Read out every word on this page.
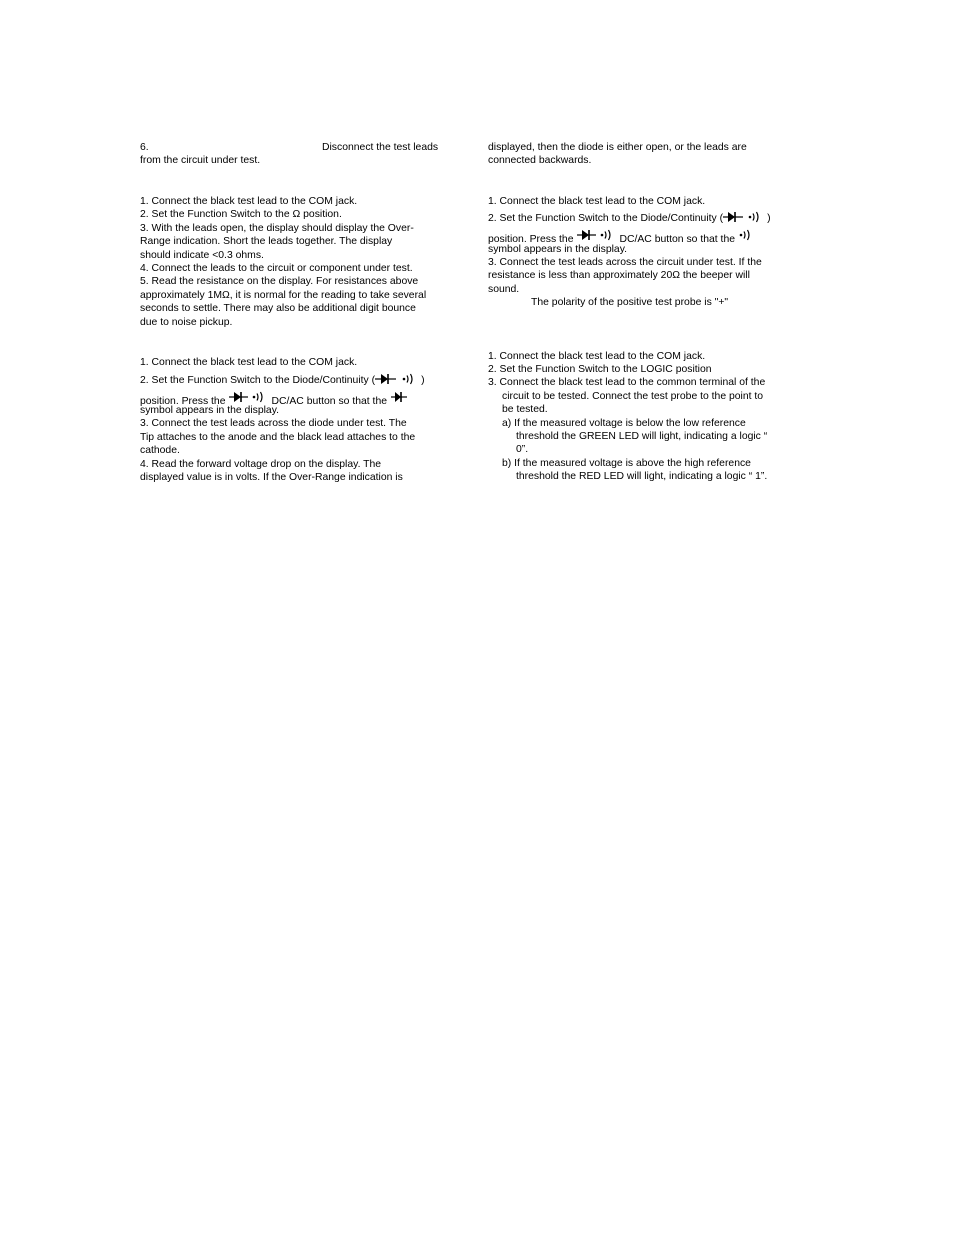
6.	Disconnect the test leads
from the circuit under test.
1. Connect the black test lead to the COM jack.
2. Set the Function Switch to the Ω position.
3. With the leads open, the display should display the Over-
Range indication. Short the leads together. The display
should indicate <0.3 ohms.
4. Connect the leads to the circuit or component under test.
5. Read the resistance on the display. For resistances above
approximately 1MΩ, it is normal for the reading to take several
seconds to settle. There may also be additional digit bounce
due to noise pickup.
1. Connect the black test lead to the COM jack.
2. Set the Function Switch to the Diode/Continuity (	)
position. Press the	DC/AC button so that the
symbol appears in the display.
3. Connect the test leads across the diode under test. The
Tip attaches to the anode and the black lead attaches to the
cathode.
4. Read the forward voltage drop on the display. The
displayed value is in volts. If the Over-Range indication is
displayed, then the diode is either open, or the leads are
connected backwards.
1. Connect the black test lead to the COM jack.
2. Set the Function Switch to the Diode/Continuity (	)
position. Press the	DC/AC button so that the
symbol appears in the display.
3. Connect the test leads across the circuit under test. If the
resistance is less than approximately 20Ω the beeper will
sound.
The polarity of the positive test probe is "+"
1. Connect the black test lead to the COM jack.
2. Set the Function Switch to the LOGIC position
3. Connect the black test lead to the common terminal of the
circuit to be tested. Connect the test probe to the point to
be tested.
a) If the measured voltage is below the low reference
threshold the GREEN LED will light, indicating a logic “
0”.
b) If the measured voltage is above the high reference
threshold the RED LED will light, indicating a logic “ 1”.
